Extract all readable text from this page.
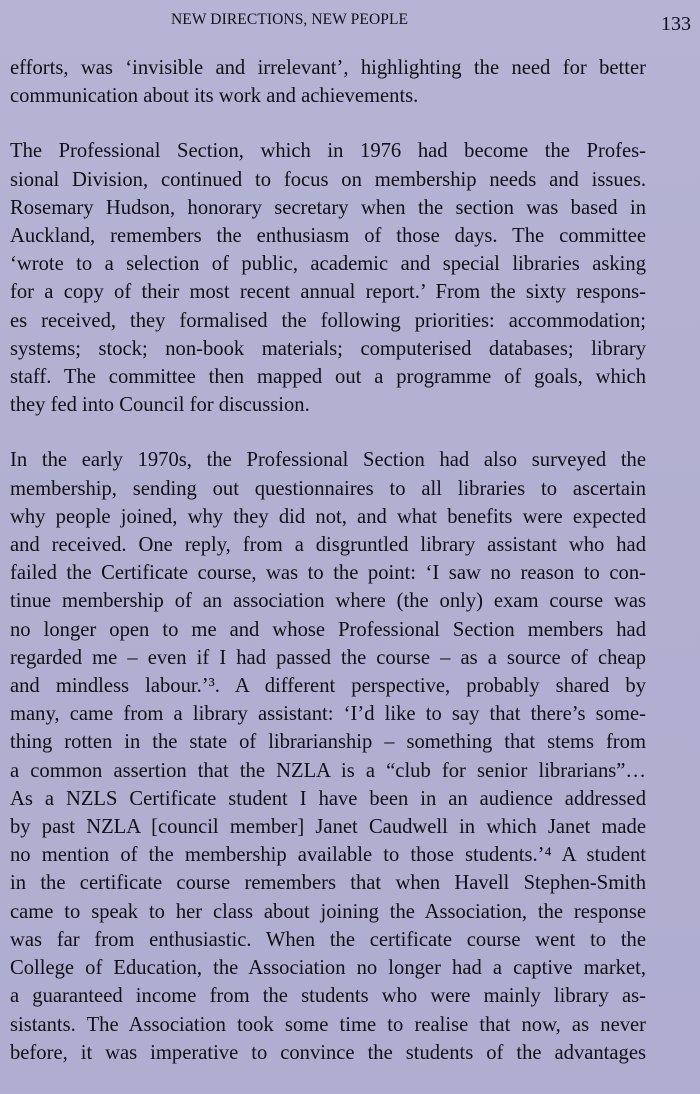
NEW DIRECTIONS, NEW PEOPLE	133
efforts, was ‘invisible and irrelevant’, highlighting the need for better
communication about its work and achievements.
The Professional Section, which in 1976 had become the Profes-
sional Division, continued to focus on membership needs and issues.
Rosemary Hudson, honorary secretary when the section was based in
Auckland, remembers the enthusiasm of those days. The committee
‘wrote to a selection of public, academic and special libraries asking
for a copy of their most recent annual report.’ From the sixty respons-
es received, they formalised the following priorities: accommodation;
systems; stock; non-book materials; computerised databases; library
staff. The committee then mapped out a programme of goals, which
they fed into Council for discussion.
In the early 1970s, the Professional Section had also surveyed the
membership, sending out questionnaires to all libraries to ascertain
why people joined, why they did not, and what benefits were expected
and received. One reply, from a disgruntled library assistant who had
failed the Certificate course, was to the point: ‘I saw no reason to con-
tinue membership of an association where (the only) exam course was
no longer open to me and whose Professional Section members had
regarded me – even if I had passed the course – as a source of cheap
and mindless labour.’³. A different perspective, probably shared by
many, came from a library assistant: ‘I’d like to say that there’s some-
thing rotten in the state of librarianship – something that stems from
a common assertion that the NZLA is a “club for senior librarians”…
As a NZLS Certificate student I have been in an audience addressed
by past NZLA [council member] Janet Caudwell in which Janet made
no mention of the membership available to those students.’⁴ A student
in the certificate course remembers that when Havell Stephen-Smith
came to speak to her class about joining the Association, the response
was far from enthusiastic. When the certificate course went to the
College of Education, the Association no longer had a captive market,
a guaranteed income from the students who were mainly library as-
sistants. The Association took some time to realise that now, as never
before, it was imperative to convince the students of the advantages
